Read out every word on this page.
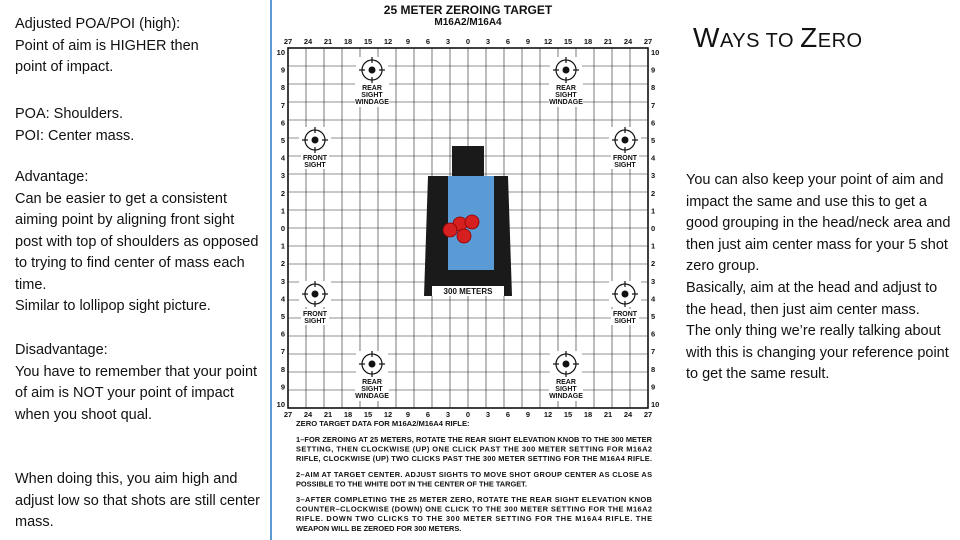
Adjusted POA/POI (high):
Point of aim is HIGHER then
point of impact.

POA: Shoulders.
POI: Center mass.

Advantage:
Can be easier to get a consistent aiming point by aligning front sight post with top of shoulders as opposed to trying to find center of mass each time.
Similar to lollipop sight picture.

Disadvantage:
You have to remember that your point of aim is NOT your point of impact when you shoot qual.

When doing this, you aim high and adjust low so that shots are still center mass.

25 METER ZEROING TARGET
M16A2/M16A4
27
27
24
24
21
21
18
18
15
15
12
12
9
9
6
6
3
3
0
0
3
3
6
6
9
9
12
12
15
15
18
18
21
21
24
24
27
27
10	10
9	9
8	8
7	7
6	6
5	5
4	4
3	3
2	2
1	1
0	0
1	1
2	2
3	3
4	4
5	5
6	6
7	7
8	8
9	9
10	10
300 METERS
REAR
SIGHT
WINDAGE
REAR
SIGHT
WINDAGE
FRONT
SIGHT
FRONT
SIGHT
FRONT
SIGHT
FRONT
SIGHT
REAR
SIGHT
WINDAGE
REAR
SIGHT
WINDAGE
ZERO TARGET DATA FOR M16A2/M16A4 RIFLE:
1–FOR ZEROING AT 25 METERS, ROTATE THE REAR SIGHT ELEVATION KNOB TO THE 300 METER
SETTING, THEN CLOCKWISE (UP) ONE CLICK PAST THE 300 METER SETTING FOR M16A2
RIFLE, CLOCKWISE (UP) TWO CLICKS PAST THE 300 METER SETTING FOR THE M16A4 RIFLE.
2–AIM AT TARGET CENTER. ADJUST SIGHTS TO MOVE SHOT GROUP CENTER AS CLOSE AS
POSSIBLE TO THE WHITE DOT IN THE CENTER OF THE TARGET.
3–AFTER COMPLETING THE 25 METER ZERO, ROTATE THE REAR SIGHT ELEVATION KNOB
COUNTER–CLOCKWISE (DOWN) ONE CLICK TO THE 300 METER SETTING FOR THE M16A2
RIFLE. DOWN TWO CLICKS TO THE 300 METER SETTING FOR THE M16A4 RIFLE. THE
WEAPON WILL BE ZEROED FOR 300 METERS.
WAYS TO ZERO

You can also keep your point of aim and impact the same and use this to get a good grouping in the head/neck area and then just aim center mass for your 5 shot zero group.
Basically, aim at the head and adjust to the head, then just aim center mass.
The only thing we’re really talking about with this is changing your reference point to get the same result.
